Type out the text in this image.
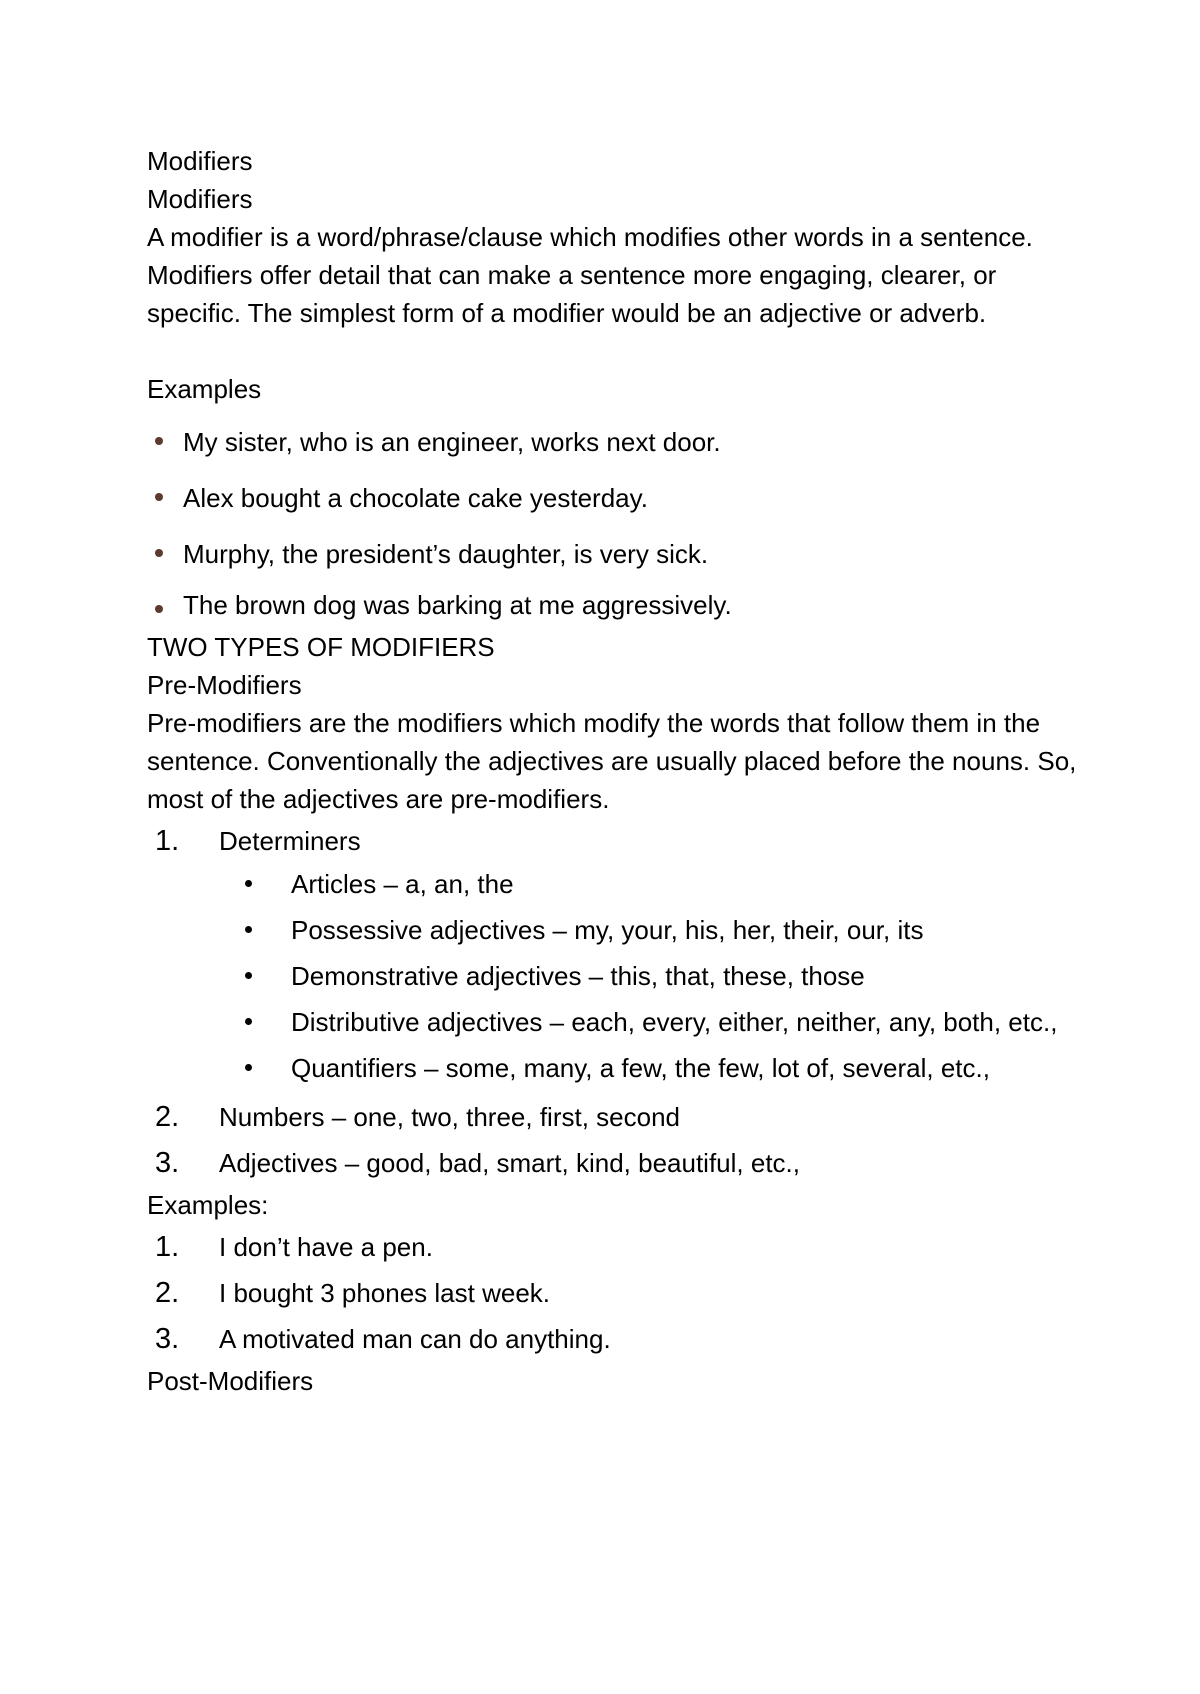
Modifiers
Modifiers
A modifier is a word/phrase/clause which modifies other words in a sentence. Modifiers offer detail that can make a sentence more engaging, clearer, or specific. The simplest form of a modifier would be an adjective or adverb.
Examples
My sister, who is an engineer, works next door.
Alex bought a chocolate cake yesterday.
Murphy, the president’s daughter, is very sick.
The brown dog was barking at me aggressively.
TWO TYPES OF MODIFIERS
Pre-Modifiers
Pre-modifiers are the modifiers which modify the words that follow them in the sentence. Conventionally the adjectives are usually placed before the nouns. So, most of the adjectives are pre-modifiers.
1. Determiners
Articles – a, an, the
Possessive adjectives – my, your, his, her, their, our, its
Demonstrative adjectives – this, that, these, those
Distributive adjectives – each, every, either, neither, any, both, etc.,
Quantifiers – some, many, a few, the few, lot of, several, etc.,
2. Numbers – one, two, three, first, second
3. Adjectives – good, bad, smart, kind, beautiful, etc.,
Examples:
1. I don’t have a pen.
2. I bought 3 phones last week.
3. A motivated man can do anything.
Post-Modifiers
